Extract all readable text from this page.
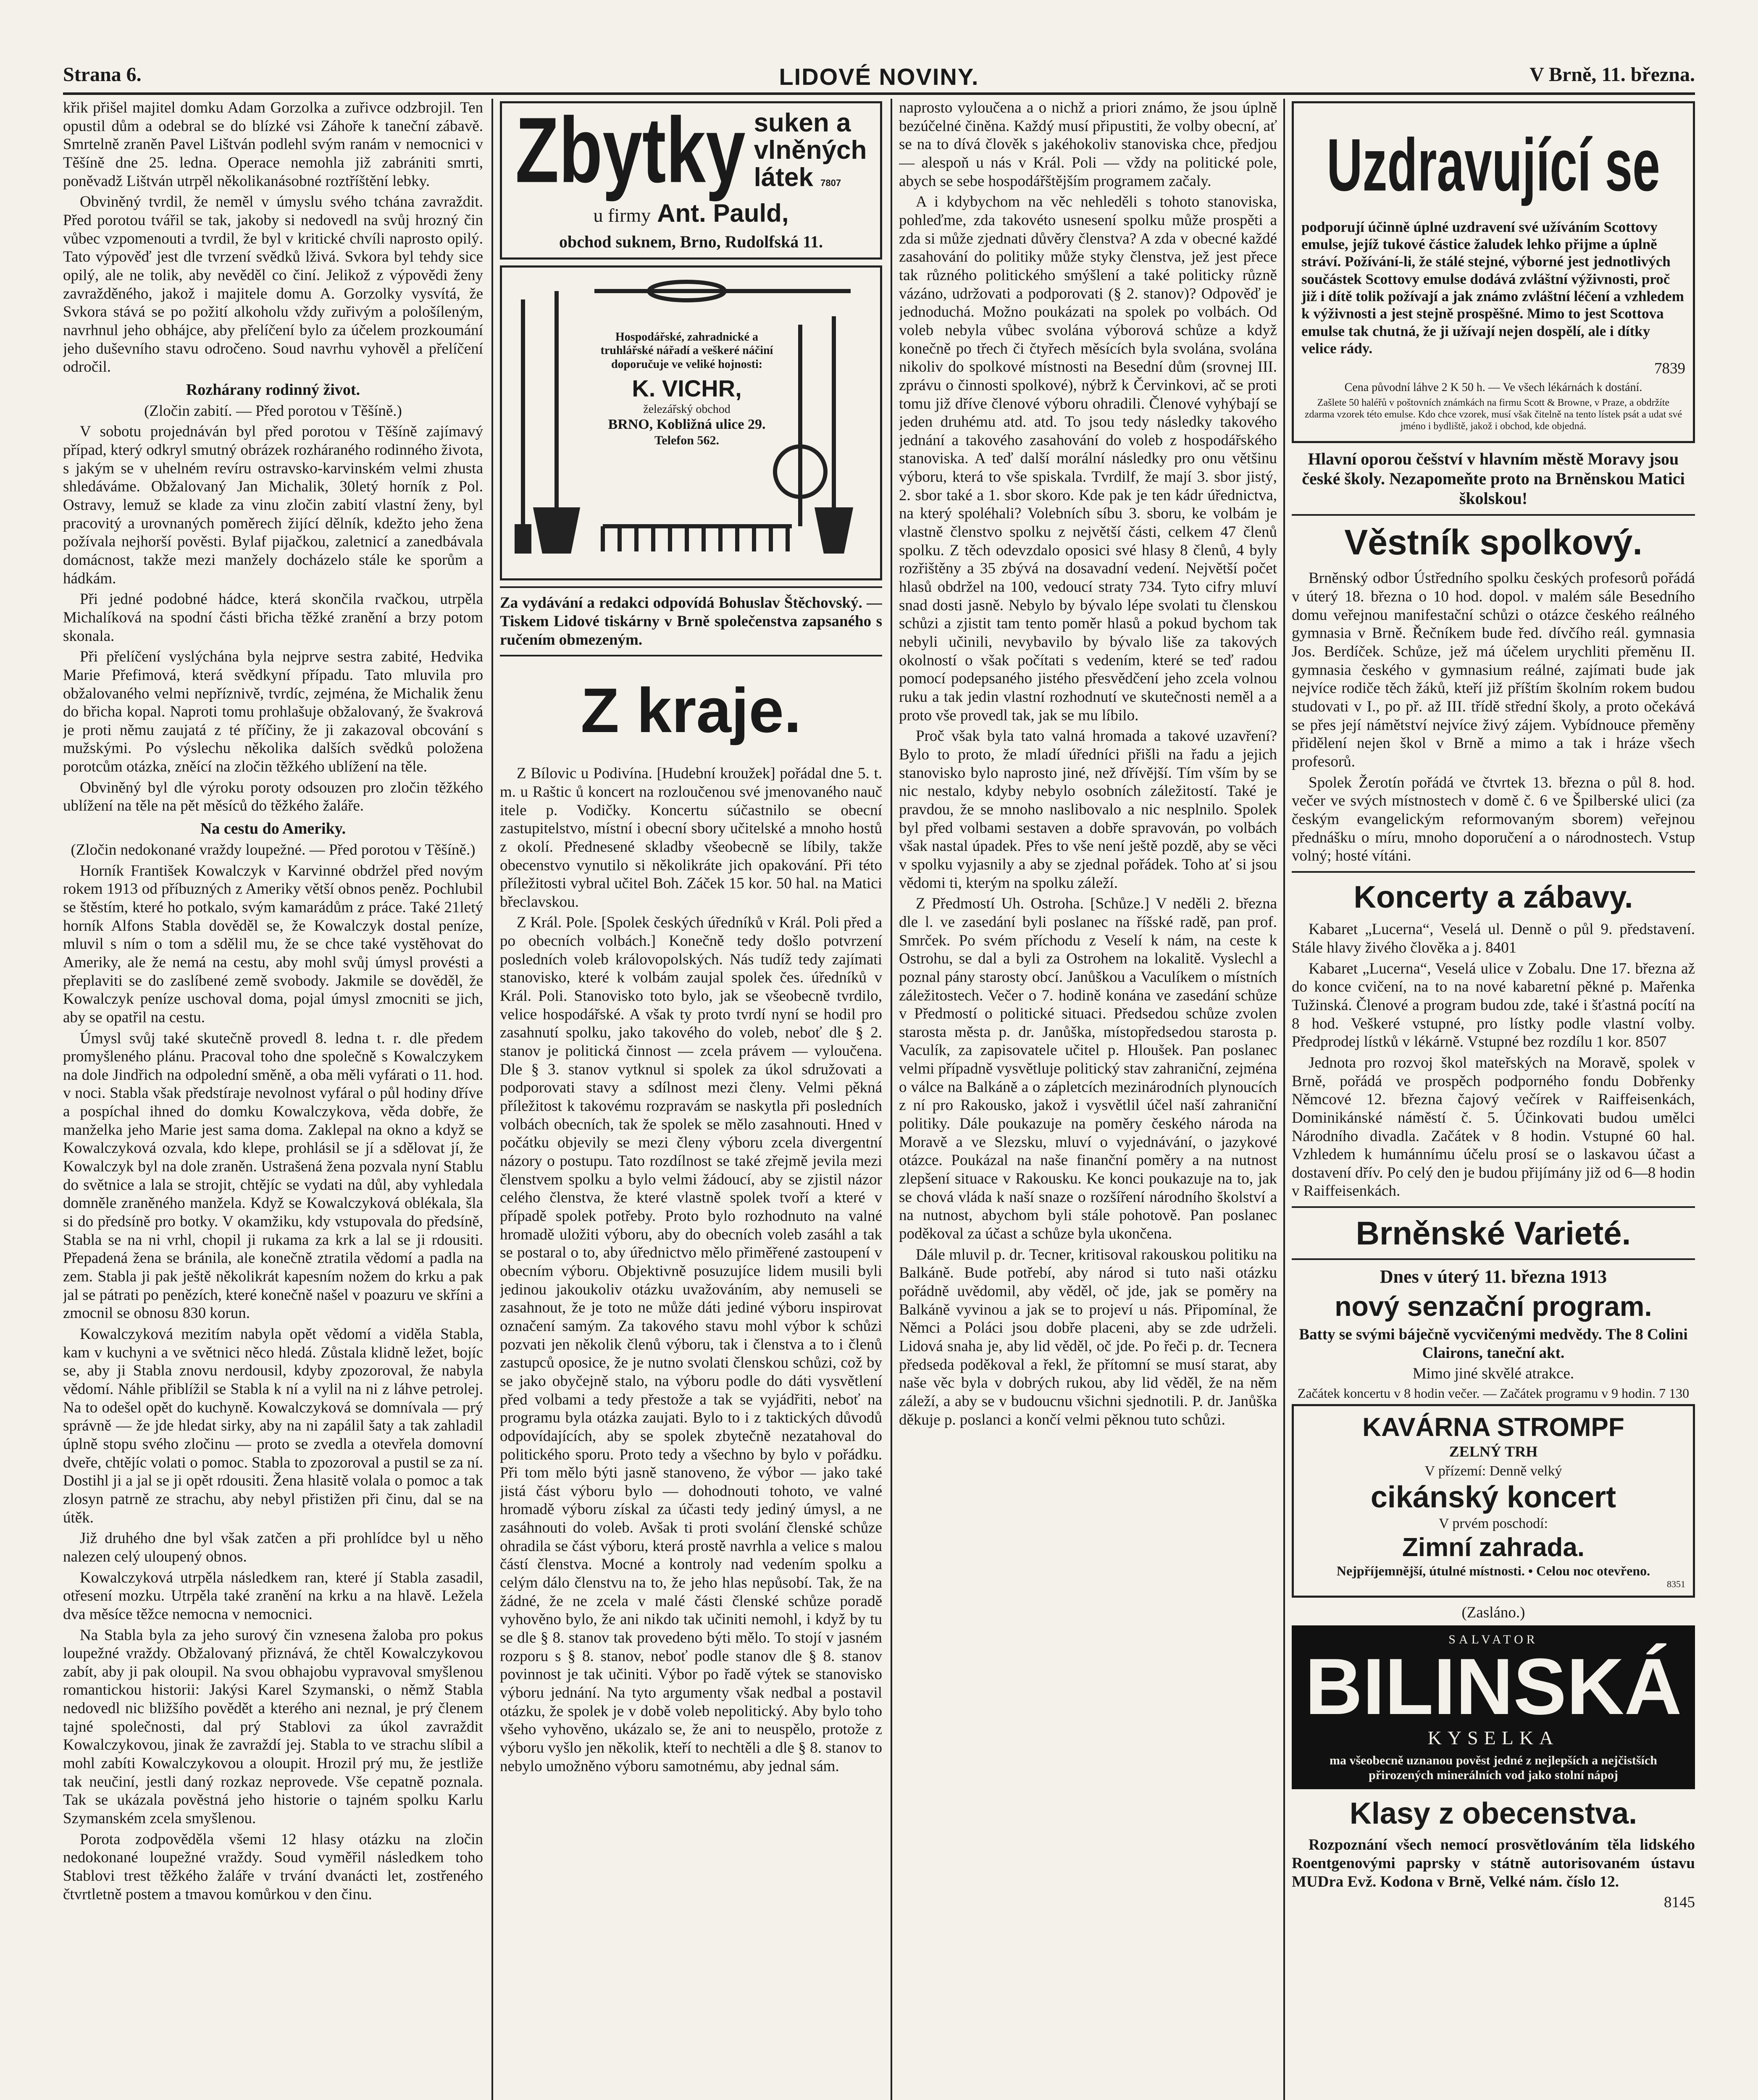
Strana 6.	LIDOVÉ NOVINY.	V Brně, 11. března.

křik přišel majitel domku Adam Gorzolka a zuřivce odzbrojil. Ten opustil dům a odebral se do blízké vsi Záhoře k taneční zábavě. Smrtelně zraněn Pavel Lištván podlehl svým ranám v nemocnici v Těšíně dne 25. ledna. Operace nemohla již zabrániti smrti, poněvadž Lištván utrpěl několikanásobné roztříštění lebky.

Obviněný tvrdil, že neměl v úmyslu svého tchána zavraždit. Před porotou tvářil se tak, jakoby si nedovedl na svůj hrozný čin vůbec vzpomenouti a tvrdil, že byl v kritické chvíli naprosto opilý. Tato výpověď jest dle tvrzení svědků lživá. Svkora byl tehdy sice opilý, ale ne tolik, aby nevěděl co činí. Jelikož z výpovědi ženy zavražděného, jakož i majitele domu A. Gorzolky vysvítá, že Svkora stává se po požití alkoholu vždy zuřivým a pološíleným, navrhnul jeho obhájce, aby přelíčení bylo za účelem prozkoumání jeho duševního stavu odročeno. Soud navrhu vyhověl a přelíčení odročil.

Rozhárany rodinný život.

(Zločin zabití. — Před porotou v Těšíně.)

V sobotu projednáván byl před porotou v Těšíně zajímavý případ, který odkryl smutný obrázek rozháraného rodinného života, s jakým se v uhelném revíru ostravsko-karvinském velmi zhusta shledáváme. Obžalovaný Jan Michalik, 30letý horník z Pol. Ostravy, lemuž se klade za vinu zločin zabití vlastní ženy, byl pracovitý a urovnaných poměrech žijící dělník, kdežto jeho žena požívala nejhorší pověsti. Bylaf pijačkou, zaletnicí a zanedbávala domácnost, takže mezi manžely docházelo stále ke sporům a hádkám.

Při jedné podobné hádce, která skončila rvačkou, utrpěla Michalíková na spodní části břicha těžké zranění a brzy potom skonala.

Při přelíčení vyslýchána byla nejprve sestra zabité, Hedvika Marie Přefimová, která svědkyní případu. Tato mluvila pro obžalovaného velmi nepříznivě, tvrdíc, zejména, že Michalik ženu do břicha kopal. Naproti tomu prohlašuje obžalovaný, že švakrová je proti němu zaujatá z té příčiny, že ji zakazoval obcování s mužskými. Po výslechu několika dalších svědků položena porotcům otázka, zněící na zločin těžkého ublížení na těle.

Obviněný byl dle výroku poroty odsouzen pro zločin těžkého ublížení na těle na pět měsíců do těžkého žaláře.

Na cestu do Ameriky.

(Zločin nedokonané vraždy loupežné. — Před porotou v Těšíně.)

Horník František Kowalczyk v Karvinné obdržel před novým rokem 1913 od příbuzných z Ameriky větší obnos peněz. Pochlubil se štěstím, které ho potkalo, svým kamarádům z práce. Také 21letý horník Alfons Stabla dověděl se, že Kowalczyk dostal peníze, mluvil s ním o tom a sdělil mu, že se chce také vystěhovat do Ameriky, ale že nemá na cestu, aby mohl svůj úmysl provésti a přeplaviti se do zaslíbené země svobody. Jakmile se dověděl, že Kowalczyk peníze uschoval doma, pojal úmysl zmocniti se jich, aby se opatřil na cestu.

Úmysl svůj také skutečně provedl 8. ledna t. r. dle předem promyšleného plánu. Pracoval toho dne společně s Kowalczykem na dole Jindřich na odpolední směně, a oba měli vyfárati o 11. hod. v noci. Stabla však předstíraje nevolnost vyfáral o půl hodiny dříve a pospíchal ihned do domku Kowalczykova, věda dobře, že manželka jeho Marie jest sama doma. Zaklepal na okno a když se Kowalczyková ozvala, kdo klepe, prohlásil se jí a sdělovat jí, že Kowalczyk byl na dole zraněn. Ustrašená žena pozvala nyní Stablu do světnice a lala se strojit, chtějíc se vydati na důl, aby vyhledala domněle zraněného manžela. Když se Kowalczyková oblékala, šla si do předsíně pro botky. V okamžiku, kdy vstupovala do předsíně, Stabla se na ni vrhl, chopil ji rukama za krk a lal se ji rdousiti. Přepadená žena se bránila, ale konečně ztratila vědomí a padla na zem. Stabla ji pak ještě několikrát kapesním nožem do krku a pak jal se pátrati po penězích, které konečně našel v poazuru ve skříni a zmocnil se obnosu 830 korun.

Kowalczyková mezitím nabyla opět vědomí a viděla Stabla, kam v kuchyni a ve světnici něco hledá. Zůstala klidně ležet, bojíc se, aby ji Stabla znovu nerdousil, kdyby zpozoroval, že nabyla vědomí. Náhle přiblížil se Stabla k ní a vylil na ni z láhve petrolej. Na to odešel opět do kuchyně. Kowalczyková se domnívala — prý správně — že jde hledat sirky, aby na ni zapálil šaty a tak zahladil úplně stopu svého zločinu — proto se zvedla a otevřela domovní dveře, chtějíc volati o pomoc. Stabla to zpozoroval a pustil se za ní. Dostihl ji a jal se ji opět rdousiti. Žena hlasitě volala o pomoc a tak zlosyn patrně ze strachu, aby nebyl přistižen při činu, dal se na útěk.

Již druhého dne byl však zatčen a při prohlídce byl u něho nalezen celý uloupený obnos.

Kowalczyková utrpěla následkem ran, které jí Stabla zasadil, otřesení mozku. Utrpěla také zranění na krku a na hlavě. Ležela dva měsíce těžce nemocna v nemocnici.

Na Stabla byla za jeho surový čin vznesena žaloba pro pokus loupežné vraždy. Obžalovaný přiznává, že chtěl Kowalczykovou zabít, aby ji pak oloupil. Na svou obhajobu vypravoval smyšlenou romantickou historii: Jakýsi Karel Szymanski, o němž Stabla nedovedl nic bližšího povědět a kterého ani neznal, je prý členem tajné společnosti, dal prý Stablovi za úkol zavraždit Kowalczykovou, jinak že zavraždí jej. Stabla to ve strachu slíbil a mohl zabíti Kowalczykovou a oloupit. Hrozil prý mu, že jestliže tak neučiní, jestli daný rozkaz neprovede. Vše cepatně poznala. Tak se ukázala pověstná jeho historie o tajném spolku Karlu Szymanském zcela smyšlenou.

Porota zodpověděla všemi 12 hlasy otázku na zločin nedokonané loupežné vraždy. Soud vyměřil následkem toho Stablovi trest těžkého žaláře v trvání dvanácti let, zostřeného čtvrtletně postem a tmavou komůrkou v den činu.

Zbytky suken a
vlněných
látek 7807
u firmy Ant. Pauld,
obchod suknem, Brno, Rudolfská 11.
Hospodářské, zahradnické a truhlářské nářadí a veškeré náčiní doporučuje ve veliké hojnosti:
K. VICHR,
železářský obchod
BRNO, Kobližná ulice 29.
Telefon 562.

Za vydávání a redakci odpovídá Bohuslav Štěchovský. — Tiskem Lidové tiskárny v Brně společenstva zapsaného s ručením obmezeným.

Z kraje.

Z Bílovic u Podivína. [Hudební kroužek] pořádal dne 5. t. m. u Raštic ů koncert na rozloučenou své jmenovaného nauč itele p. Vodičky. Koncertu súčastnilo se obecní zastupitelstvo, místní i obecní sbory učitelské a mnoho hostů z okolí. Přednesené skladby všeobecně se líbily, takže obecenstvo vynutilo si několikráte jich opakování. Při této příležitosti vybral učitel Boh. Záček 15 kor. 50 hal. na Matici břeclavskou.

Z Král. Pole. [Spolek českých úředníků v Král. Poli před a po obecních volbách.] Konečně tedy došlo potvrzení posledních voleb královopolských. Nás tudíž tedy zajímati stanovisko, které k volbám zaujal spolek čes. úředníků v Král. Poli. Stanovisko toto bylo, jak se všeobecně tvrdilo, velice hospodářské. A však ty proto tvrdí nyní se hodil pro zasahnutí spolku, jako takového do voleb, neboť dle § 2. stanov je politická činnost — zcela právem — vyloučena. Dle § 3. stanov vytknul si spolek za úkol sdružovati a podporovati stavy a sdílnost mezi členy. Velmi pěkná příležitost k takovému rozpravám se naskytla při posledních volbách obecních, tak že spolek se mělo zasahnouti. Hned v počátku objevily se mezi členy výboru zcela divergentní názory o postupu. Tato rozdílnost se také zřejmě jevila mezi členstvem spolku a bylo velmi žádoucí, aby se zjistil názor celého členstva, že které vlastně spolek tvoří a které v případě spolek potřeby. Proto bylo rozhodnuto na valné hromadě uložiti výboru, aby do obecních voleb zasáhl a tak se postaral o to, aby úřednictvo mělo přiměřené zastoupení v obecním výboru. Objektivně posuzujíce lidem musili byli jedinou jakoukoliv otázku uvažováním, aby nemuseli se zasahnout, že je toto ne může dáti jediné výboru inspirovat označení samým. Za takového stavu mohl výbor k schůzi pozvati jen několik členů výboru, tak i členstva a to i členů zastupců oposice, že je nutno svolati členskou schůzi, což by se jako obyčejně stalo, na výboru podle do dáti vysvětlení před volbami a tedy přestože a tak se vyjádřiti, neboť na programu byla otázka zaujati. Bylo to i z taktických důvodů odpovídajících, aby se spolek zbytečně nezatahoval do politického sporu. Proto tedy a všechno by bylo v pořádku. Při tom mělo býti jasně stanoveno, že výbor — jako také jistá část výboru bylo — dohodnouti tohoto, ve valné hromadě výboru získal za účasti tedy jediný úmysl, a ne zasáhnouti do voleb. Avšak ti proti svolání členské schůze ohradila se část výboru, která prostě navrhla a velice s malou částí členstva. Mocné a kontroly nad vedením spolku a celým dálo členstvu na to, že jeho hlas nepůsobí. Tak, že na žádné, že ne zcela v malé části členské schůze poradě vyhověno bylo, že ani nikdo tak učiniti nemohl, i když by tu se dle § 8. stanov tak provedeno býti mělo. To stojí v jasném rozporu s § 8. stanov, neboť podle stanov dle § 8. stanov povinnost je tak učiniti. Výbor po řadě výtek se stanovisko výboru jednání. Na tyto argumenty však nedbal a postavil otázku, že spolek je v době voleb nepolitický. Aby bylo toho všeho vyhověno, ukázalo se, že ani to neuspělo, protože z výboru vyšlo jen několik, kteří to nechtěli a dle § 8. stanov to nebylo umožněno výboru samotnému, aby jednal sám.

naprosto vyloučena a o nichž a priori známo, že jsou úplně bezúčelné činěna. Každý musí připustiti, že volby obecní, ať se na to dívá člověk s jakéhokoliv stanoviska chce, předjou — alespoň u nás v Král. Poli — vždy na politické pole, abych se sebe hospodářštějším programem začaly.

A i kdybychom na věc nehleděli s tohoto stanoviska, pohleďme, zda takovéto usnesení spolku může prospěti a zda si může zjednati důvěry členstva? A zda v obecné každé zasahování do politiky může styky členstva, jež jest přece tak různého politického smýšlení a také politicky různě vázáno, udržovati a podporovati (§ 2. stanov)? Odpověď je jednoduchá. Možno poukázati na spolek po volbách. Od voleb nebyla vůbec svolána výborová schůze a když konečně po třech či čtyřech měsících byla svolána, svolána nikoliv do spolkové místnosti na Besední dům (srovnej III. zprávu o činnosti spolkové), nýbrž k Červinkovi, ač se proti tomu již dříve členové výboru ohradili. Členové vyhýbají se jeden druhému atd. atd. To jsou tedy následky takového jednání a takového zasahování do voleb z hospodářského stanoviska. A teď další morální následky pro onu většinu výboru, která to vše spiskala. Tvrdilf, že mají 3. sbor jistý, 2. sbor také a 1. sbor skoro. Kde pak je ten kádr úřednictva, na který spoléhali? Volebních síbu 3. sboru, ke volbám je vlastně členstvo spolku z největší části, celkem 47 členů spolku. Z těch odevzdalo oposici své hlasy 8 členů, 4 byly rozřištěny a 35 zbývá na dosavadní vedení. Největší počet hlasů obdržel na 100, vedoucí straty 734. Tyto cifry mluví snad dosti jasně. Nebylo by bývalo lépe svolati tu členskou schůzi a zjistit tam tento poměr hlasů a pokud bychom tak nebyli učinili, nevybavilo by bývalo liše za takových okolností o však počítati s vedením, které se teď radou pomocí podepsaného jistého přesvědčení jeho zcela volnou ruku a tak jedin vlastní rozhodnutí ve skutečnosti neměl a a proto vše provedl tak, jak se mu líbilo.

Proč však byla tato valná hromada a takové uzavření? Bylo to proto, že mladí úředníci přišli na řadu a jejich stanovisko bylo naprosto jiné, než dřívější. Tím vším by se nic nestalo, kdyby nebylo osobních záležitostí. Také je pravdou, že se mnoho naslibovalo a nic nesplnilo. Spolek byl před volbami sestaven a dobře spravován, po volbách však nastal úpadek. Přes to vše není ještě pozdě, aby se věci v spolku vyjasnily a aby se zjednal pořádek. Toho ať si jsou vědomi ti, kterým na spolku záleží.

Z Předmostí Uh. Ostroha. [Schůze.] V neděli 2. března dle l. ve zasedání byli poslanec na říšské radě, pan prof. Smrček. Po svém příchodu z Veselí k nám, na ceste k Ostrohu, se dal a byli za Ostrohem na lokalitě. Vyslechl a poznal pány starosty obcí. Janůškou a Vaculíkem o místních záležitostech. Večer o 7. hodině konána ve zasedání schůze v Předmostí o politické situaci. Předsedou schůze zvolen starosta města p. dr. Janůška, místopředsedou starosta p. Vaculík, za zapisovatele učitel p. Hloušek. Pan poslanec velmi případně vysvětluje politický stav zahraniční, zejména o válce na Balkáně a o zápletcích mezinárodních plynoucích z ní pro Rakousko, jakož i vysvětlil účel naší zahraniční politiky. Dále poukazuje na poměry českého národa na Moravě a ve Slezsku, mluví o vyjednávání, o jazykové otázce. Poukázal na naše finanční poměry a na nutnost zlepšení situace v Rakousku. Ke konci poukazuje na to, jak se chová vláda k naší snaze o rozšíření národního školství a na nutnost, abychom byli stále pohotově. Pan poslanec poděkoval za účast a schůze byla ukončena.

Dále mluvil p. dr. Tecner, kritisoval rakouskou politiku na Balkáně. Bude potřebí, aby národ si tuto naši otázku pořádně uvědomil, aby věděl, oč jde, jak se poměry na Balkáně vyvinou a jak se to projeví u nás. Připomínal, že Němci a Poláci jsou dobře placeni, aby se zde udrželi. Lidová snaha je, aby lid věděl, oč jde. Po řeči p. dr. Tecnera předseda poděkoval a řekl, že přítomní se musí starat, aby naše věc byla v dobrých rukou, aby lid věděl, že na něm záleží, a aby se v budoucnu všichni sjednotili. P. dr. Janůška děkuje p. poslanci a končí velmi pěknou tuto schůzi.

Uzdravující se

podporují účinně úplné uzdravení své užíváním Scottovy emulse, jejíž tukové částice žaludek lehko přijme a úplně stráví. Požívání-li, že stálé stejné, výborné jest jednotlivých součástek Scottovy emulse dodává zvláštní výživnosti, proč již i dítě tolik požívají a jak známo zvláštní léčení a vzhledem k výživnosti a jest stejně prospěšné. Mimo to jest Scottova emulse tak chutná, že ji užívají nejen dospělí, ale i dítky velice rády.

7839

Cena původní láhve 2 K 50 h. — Ve všech lékárnách k dostání.

Zašlete 50 haléřů v poštovních známkách na firmu Scott & Browne, v Praze, a obdržíte zdarma vzorek této emulse. Kdo chce vzorek, musí však čitelně na tento lístek psát a udat své jméno i bydliště, jakož i obchod, kde objedná.

Hlavní oporou češství v hlavním městě Moravy jsou české školy. Nezapomeňte proto na Brněnskou Matici školskou!

Věstník spolkový.

Brněnský odbor Ústředního spolku českých profesorů pořádá v úterý 18. března o 10 hod. dopol. v malém sále Besedního domu veřejnou manifestační schůzi o otázce českého reálného gymnasia v Brně. Řečníkem bude řed. dívčího reál. gymnasia Jos. Berdíček. Schůze, jež má účelem urychliti přeměnu II. gymnasia českého v gymnasium reálné, zajímati bude jak nejvíce rodiče těch žáků, kteří již příštím školním rokem budou studovati v I., po př. až III. třídě střední školy, a proto očekává se přes její námětství nejvíce živý zájem. Vybídnouce přeměny přidělení nejen škol v Brně a mimo a tak i hráze všech profesorů.

Spolek Žerotín pořádá ve čtvrtek 13. března o půl 8. hod. večer ve svých místnostech v domě č. 6 ve Špilberské ulici (za českým evangelickým reformovaným sborem) veřejnou přednášku o míru, mnoho doporučení a o národnostech. Vstup volný; hosté vítáni.

Koncerty a zábavy.

Kabaret „Lucerna“, Veselá ul. Denně o půl 9. představení. Stále hlavy živého člověka a j. 8401

Kabaret „Lucerna“, Veselá ulice v Zobalu. Dne 17. března až do konce cvičení, na to na nové kabaretní pěkné p. Mařenka Tužinská. Členové a program budou zde, také i šťastná pocítí na 8 hod. Veškeré vstupné, pro lístky podle vlastní volby. Předprodej lístků v lékárně. Vstupné bez rozdílu 1 kor. 8507

Jednota pro rozvoj škol mateřských na Moravě, spolek v Brně, pořádá ve prospěch podporného fondu Dobřenky Němcové 12. března čajový večírek v Raiffeisenkách, Dominikánské náměstí č. 5. Účinkovati budou umělci Národního divadla. Začátek v 8 hodin. Vstupné 60 hal. Vzhledem k humánnímu účelu prosí se o laskavou účast a dostavení dřív. Po celý den je budou přijímány již od 6—8 hodin v Raiffeisenkách.

Brněnské Varieté.

Dnes v úterý 11. března 1913

nový senzační program.

Batty se svými báječně vycvičenými medvědy. The 8 Colini Clairons, taneční akt.

Mimo jiné skvělé atrakce.

Začátek koncertu v 8 hodin večer. — Začátek programu v 9 hodin. 7 130

KAVÁRNA STROMPF
ZELNÝ TRH
V přízemí: Denně velký
cikánský koncert
V prvém poschodí:
Zimní zahrada.
Nejpříjemnější, útulné místnosti. • Celou noc otevřeno.
8351

(Zasláno.)

SALVATOR
BILINSKÁ
KYSELKA
ma všeobecně uznanou pověst jedné z nejlepších a nejčistších přirozených minerálních vod jako stolní nápoj
Klasy z obecenstva.

Rozpoznání všech nemocí prosvětlováním těla lidského Roentgenovými paprsky v státně autorisovaném ústavu MUDra Evž. Kodona v Brně, Velké nám. číslo 12.

8145
